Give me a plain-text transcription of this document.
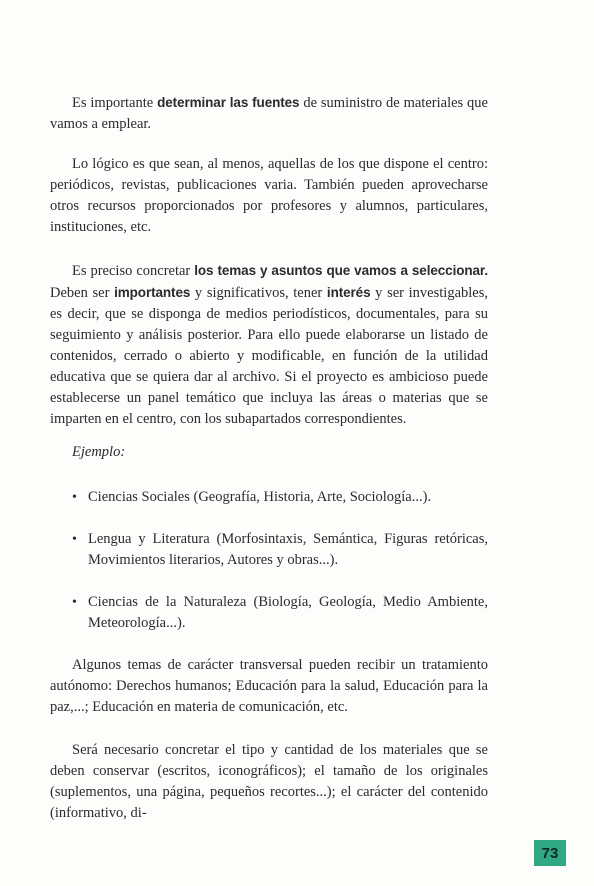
Es importante determinar las fuentes de suministro de materiales que vamos a emplear.

Lo lógico es que sean, al menos, aquellas de los que dispone el centro: periódicos, revistas, publicaciones varia. También pueden aprovecharse otros recursos proporcionados por profesores y alumnos, particulares, instituciones, etc.

Es preciso concretar los temas y asuntos que vamos a seleccionar. Deben ser importantes y significativos, tener interés y ser investigables, es decir, que se disponga de medios periodísticos, documentales, para su seguimiento y análisis posterior. Para ello puede elaborarse un listado de contenidos, cerrado o abierto y modificable, en función de la utilidad educativa que se quiera dar al archivo. Si el proyecto es ambicioso puede establecerse un panel temático que incluya las áreas o materias que se imparten en el centro, con los subapartados correspondientes.

Ejemplo:

• Ciencias Sociales (Geografía, Historia, Arte, Sociología...).
• Lengua y Literatura (Morfosintaxis, Semántica, Figuras retóricas, Movimientos literarios, Autores y obras...).
• Ciencias de la Naturaleza (Biología, Geología, Medio Ambiente, Meteorología...).

Algunos temas de carácter transversal pueden recibir un tratamiento autónomo: Derechos humanos; Educación para la salud, Educación para la paz,...; Educación en materia de comunicación, etc.

Será necesario concretar el tipo y cantidad de los materiales que se deben conservar (escritos, iconográficos); el tamaño de los originales (suplementos, una página, pequeños recortes...); el carácter del contenido (informativo, di-

73
